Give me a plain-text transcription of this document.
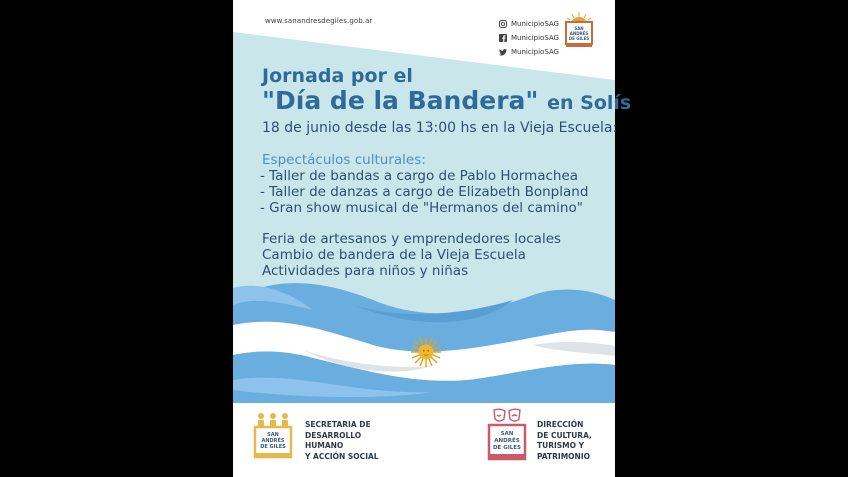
www.sanandresdegiles.gob.ar	MunicipioSAG
MunicipioSAG
MunicipioSAG
SAN
ANDRÉS
DE GILES
Jornada por el
"Día de la Bandera" en Solís
18 de junio desde las 13:00 hs en la Vieja Escuela:
Espectáculos culturales:
- Taller de bandas a cargo de Pablo Hormachea
- Taller de danzas a cargo de Elizabeth Bonpland
- Gran show musical de "Hermanos del camino"
Feria de artesanos y emprendedores locales
Cambio de bandera de la Vieja Escuela
Actividades para niños y niñas
SAN
ANDRÉS
DE GILES
SECRETARIA DE
DESARROLLO
HUMANO
Y ACCIÓN SOCIAL
SAN
ANDRÉS
DE GILES
DIRECCIÓN
DE CULTURA,
TURISMO Y
PATRIMONIO
